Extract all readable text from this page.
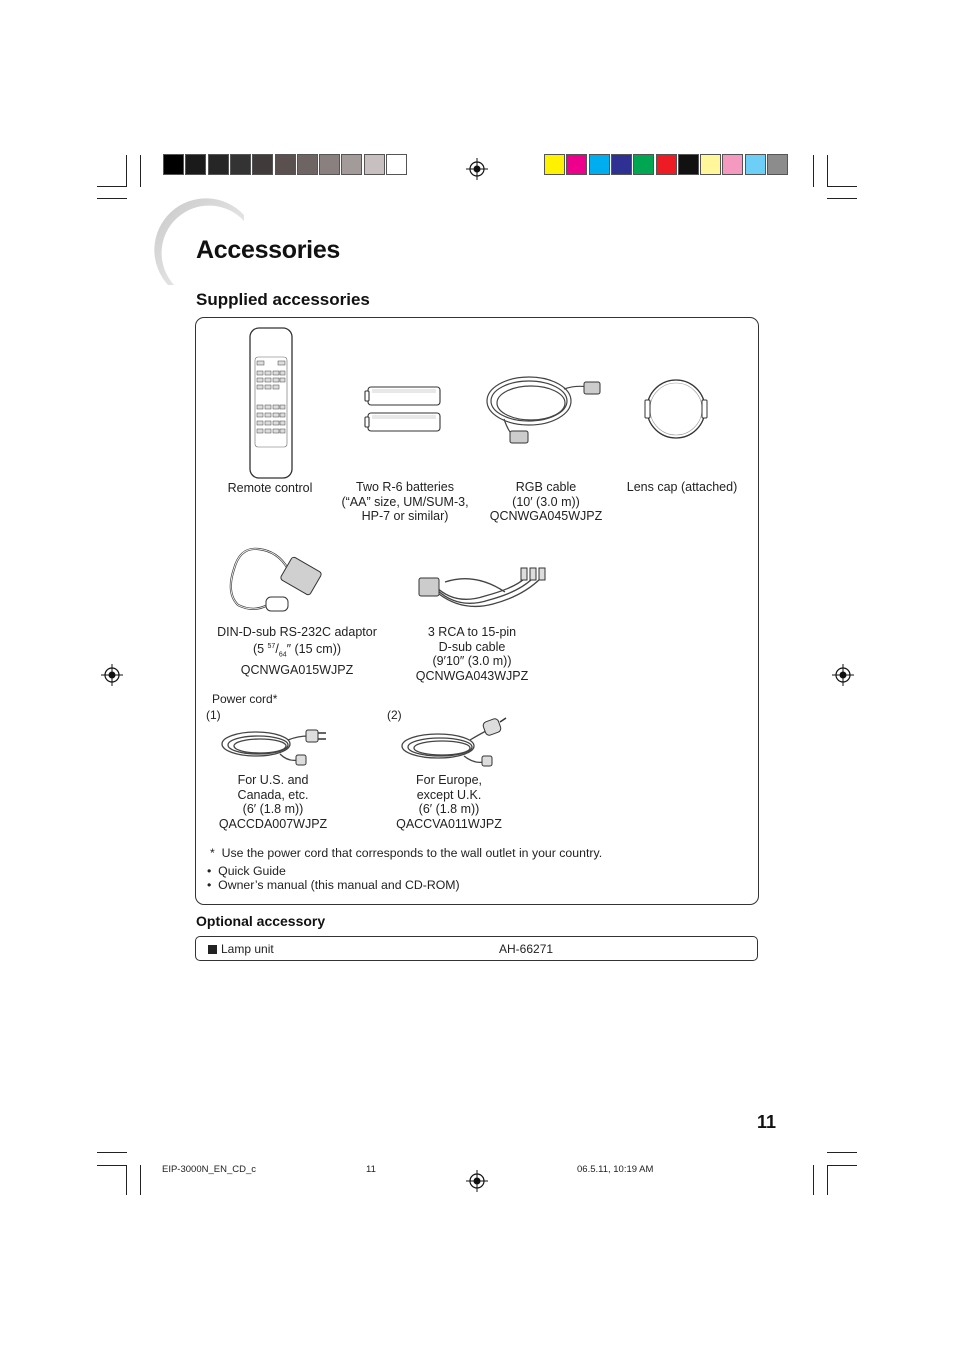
Accessories
Supplied accessories
Remote control	Two R-6 batteries
(“AA” size, UM/SUM-3,
HP-7 or similar)
RGB cable
(10′ (3.0 m))
QCNWGA045WJPZ
Lens cap (attached)
DIN-D-sub RS-232C adaptor
(5 $^{57}/_{64}''$ (15 cm))
QCNWGA015WJPZ
3 RCA to 15-pin
D-sub cable
(9′10″ (3.0 m))
QCNWGA043WJPZ
Power cord*
(1)	(2)
For U.S. and
Canada, etc.
(6′ (1.8 m))
QACCDA007WJPZ
For Europe,
except U.K.
(6′ (1.8 m))
QACCVA011WJPZ
*  Use the power cord that corresponds to the wall outlet in your country.
•  Quick Guide
•  Owner’s manual (this manual and CD-ROM)
Optional accessory
Lamp unit	AH-66271
11
EIP-3000N_EN_CD_c	11	06.5.11, 10:19 AM
